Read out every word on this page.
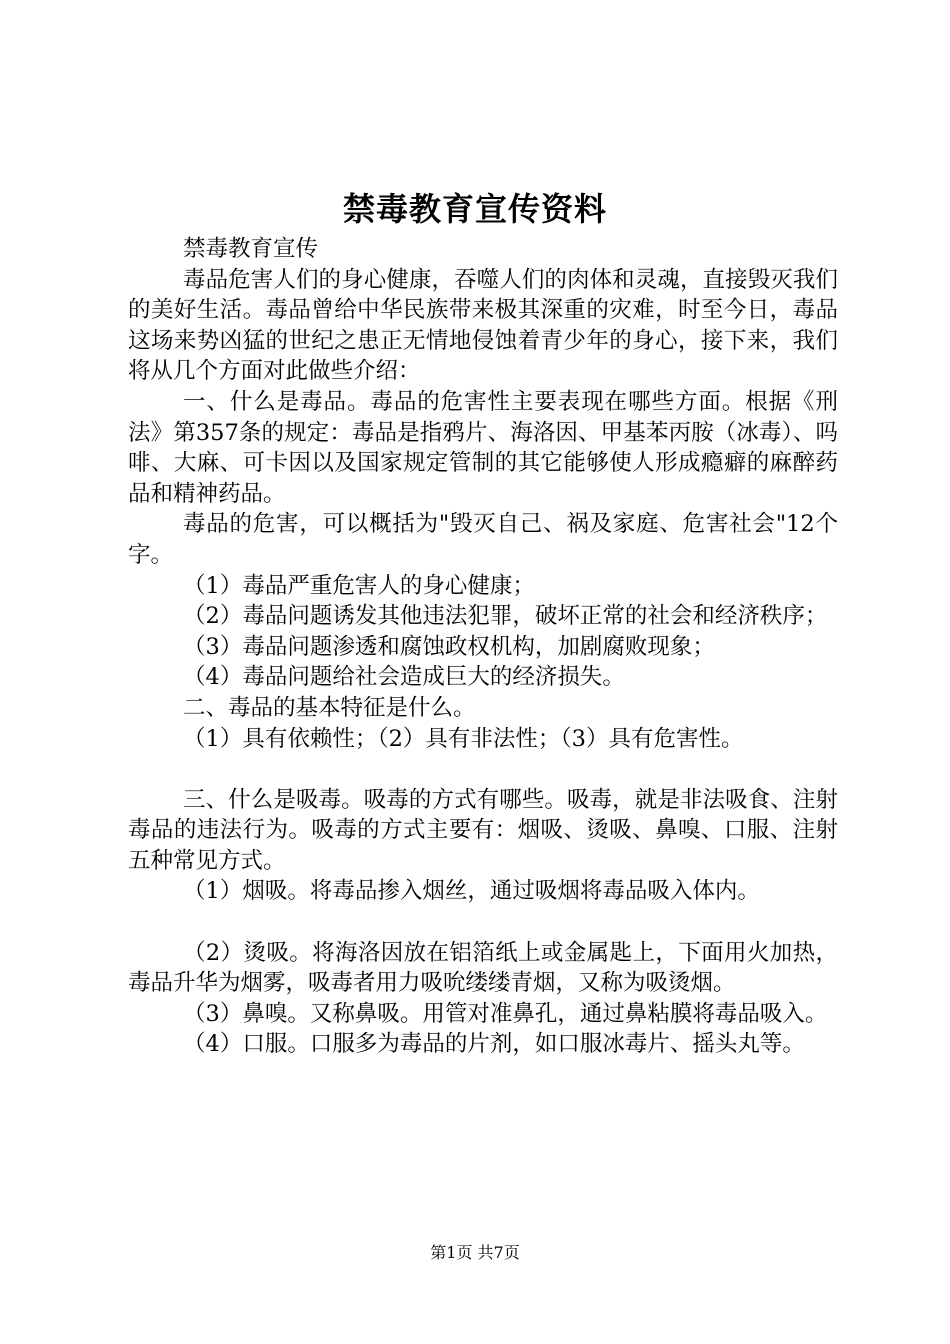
禁毒教育宣传资料

禁毒教育宣传

毒品危害人们的身心健康，吞噬人们的肉体和灵魂，直接毁灭我们的美好生活。毒品曾给中华民族带来极其深重的灾难，时至今日，毒品这场来势凶猛的世纪之患正无情地侵蚀着青少年的身心，接下来，我们将从几个方面对此做些介绍：

一、什么是毒品。毒品的危害性主要表现在哪些方面。根据《刑法》第357条的规定：毒品是指鸦片、海洛因、甲基苯丙胺（冰毒）、吗啡、大麻、可卡因以及国家规定管制的其它能够使人形成瘾癖的麻醉药品和精神药品。

毒品的危害，可以概括为"毁灭自己、祸及家庭、危害社会"12个字。

（1）毒品严重危害人的身心健康；

（2）毒品问题诱发其他违法犯罪，破坏正常的社会和经济秩序；

（3）毒品问题渗透和腐蚀政权机构，加剧腐败现象；

（4）毒品问题给社会造成巨大的经济损失。

二、毒品的基本特征是什么。

（1）具有依赖性；（2）具有非法性；（3）具有危害性。

三、什么是吸毒。吸毒的方式有哪些。吸毒，就是非法吸食、注射毒品的违法行为。吸毒的方式主要有：烟吸、烫吸、鼻嗅、口服、注射五种常见方式。

（1）烟吸。将毒品掺入烟丝，通过吸烟将毒品吸入体内。

（2）烫吸。将海洛因放在铝箔纸上或金属匙上，下面用火加热，毒品升华为烟雾，吸毒者用力吸吮缕缕青烟，又称为吸烫烟。

（3）鼻嗅。又称鼻吸。用管对准鼻孔，通过鼻粘膜将毒品吸入。

（4）口服。口服多为毒品的片剂，如口服冰毒片、摇头丸等。

第1页 共7页
